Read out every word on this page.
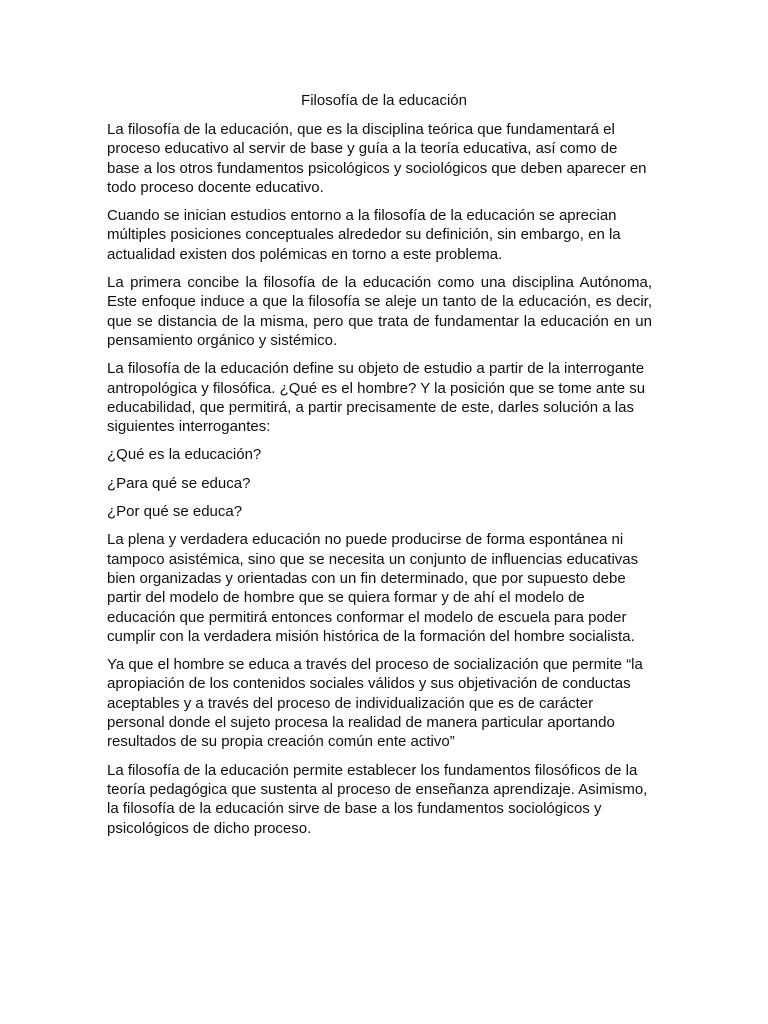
Filosofía de la educación

La filosofía de la educación, que es la disciplina teórica que fundamentará el proceso educativo al servir de base y guía a la teoría educativa, así como de base a los otros fundamentos psicológicos y sociológicos que deben aparecer en todo proceso docente educativo.

Cuando se inician estudios entorno a la filosofía de la educación se aprecian múltiples posiciones conceptuales alrededor su definición, sin embargo, en la actualidad existen dos polémicas en torno a este problema.

La primera concibe la filosofía de la educación como una disciplina Autónoma, Este enfoque induce a que la filosofía se aleje un tanto de la educación, es decir, que se distancia de la misma, pero que trata de fundamentar la educación en un pensamiento orgánico y sistémico.

La filosofía de la educación define su objeto de estudio a partir de la interrogante antropológica y filosófica. ¿Qué es el hombre? Y la posición que se tome ante su educabilidad, que permitirá, a partir precisamente de este, darles solución a las siguientes interrogantes:

¿Qué es la educación?

¿Para qué se educa?

¿Por qué se educa?

La plena y verdadera educación no puede producirse de forma espontánea ni tampoco asistémica, sino que se necesita un conjunto de influencias educativas bien organizadas y orientadas con un fin determinado, que por supuesto debe partir del modelo de hombre que se quiera formar y de ahí el modelo de educación que permitirá entonces conformar el modelo de escuela para poder cumplir con la verdadera misión histórica de la formación del hombre socialista.

Ya que el hombre se educa a través del proceso de socialización que permite “la apropiación de los contenidos sociales válidos y sus objetivación de conductas aceptables y a través del proceso de individualización que es de carácter personal donde el sujeto procesa la realidad de manera particular aportando resultados de su propia creación común ente activo”

La filosofía de la educación permite establecer los fundamentos filosóficos de la teoría pedagógica que sustenta al proceso de enseñanza aprendizaje. Asimismo, la filosofía de la educación sirve de base a los fundamentos sociológicos y psicológicos de dicho proceso.
